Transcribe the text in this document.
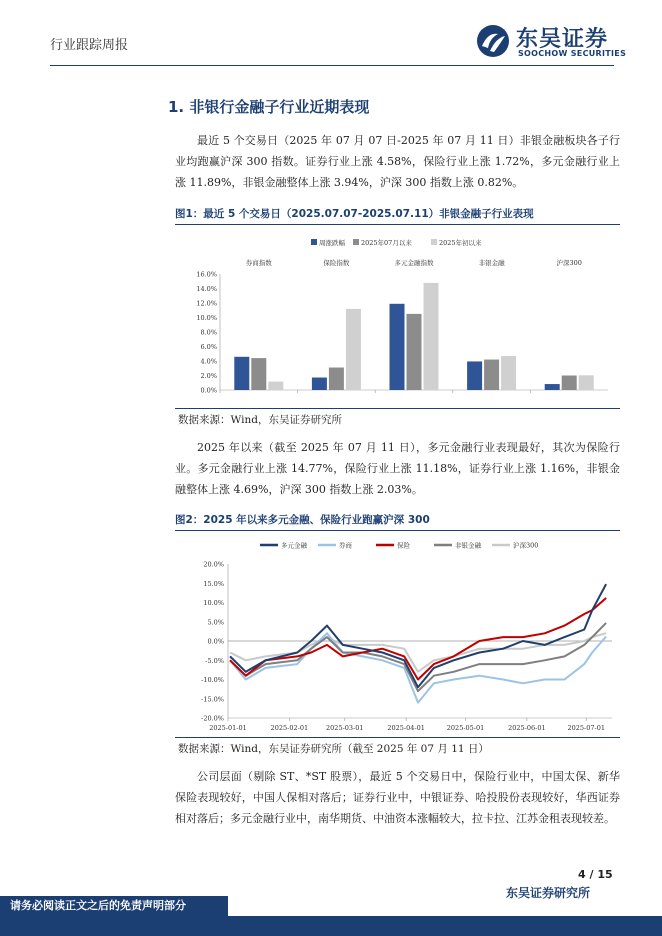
行业跟踪周报	东吴证券
SOOCHOW SECURITIES
1. 非银行金融子行业近期表现
最近 5 个交易日（2025 年 07 月 07 日-2025 年 07 月 11 日）非银金融板块各子行业均跑赢沪深 300 指数。证券行业上涨 4.58%，保险行业上涨 1.72%，多元金融行业上涨 11.89%，非银金融整体上涨 3.94%，沪深 300 指数上涨 0.82%。
图1：最近 5 个交易日（2025.07.07-2025.07.11）非银金融子行业表现
周涨跌幅 2025年07月以来	2025年初以来
0.0%
2.0%
4.0%
6.0%
8.0%
10.0%
12.0%
14.0%
16.0%
券商指数	保险指数	多元金融指数	非银金融	沪深300
数据来源：Wind，东吴证券研究所
2025 年以来（截至 2025 年 07 月 11 日），多元金融行业表现最好，其次为保险行业。多元金融行业上涨 14.77%，保险行业上涨 11.18%，证券行业上涨 1.16%，非银金融整体上涨 4.69%，沪深 300 指数上涨 2.03%。
图2：2025 年以来多元金融、保险行业跑赢沪深 300
多元金融	券商	保险	非银金融	沪深300
-20.0%
-15.0%
-10.0%
-5.0%
0.0%
5.0%
10.0%
15.0%
20.0%
2025-01-01	2025-02-01	2025-03-01	2025-04-01	2025-05-01	2025-06-01	2025-07-01
数据来源：Wind，东吴证券研究所（截至 2025 年 07 月 11 日）
公司层面（剔除 ST、*ST 股票），最近 5 个交易日中，保险行业中，中国太保、新华保险表现较好，中国人保相对落后；证券行业中，中银证券、哈投股份表现较好，华西证券相对落后；多元金融行业中，南华期货、中油资本涨幅较大，拉卡拉、江苏金租表现较差。
4 / 15
东吴证券研究所
请务必阅读正文之后的免责声明部分
